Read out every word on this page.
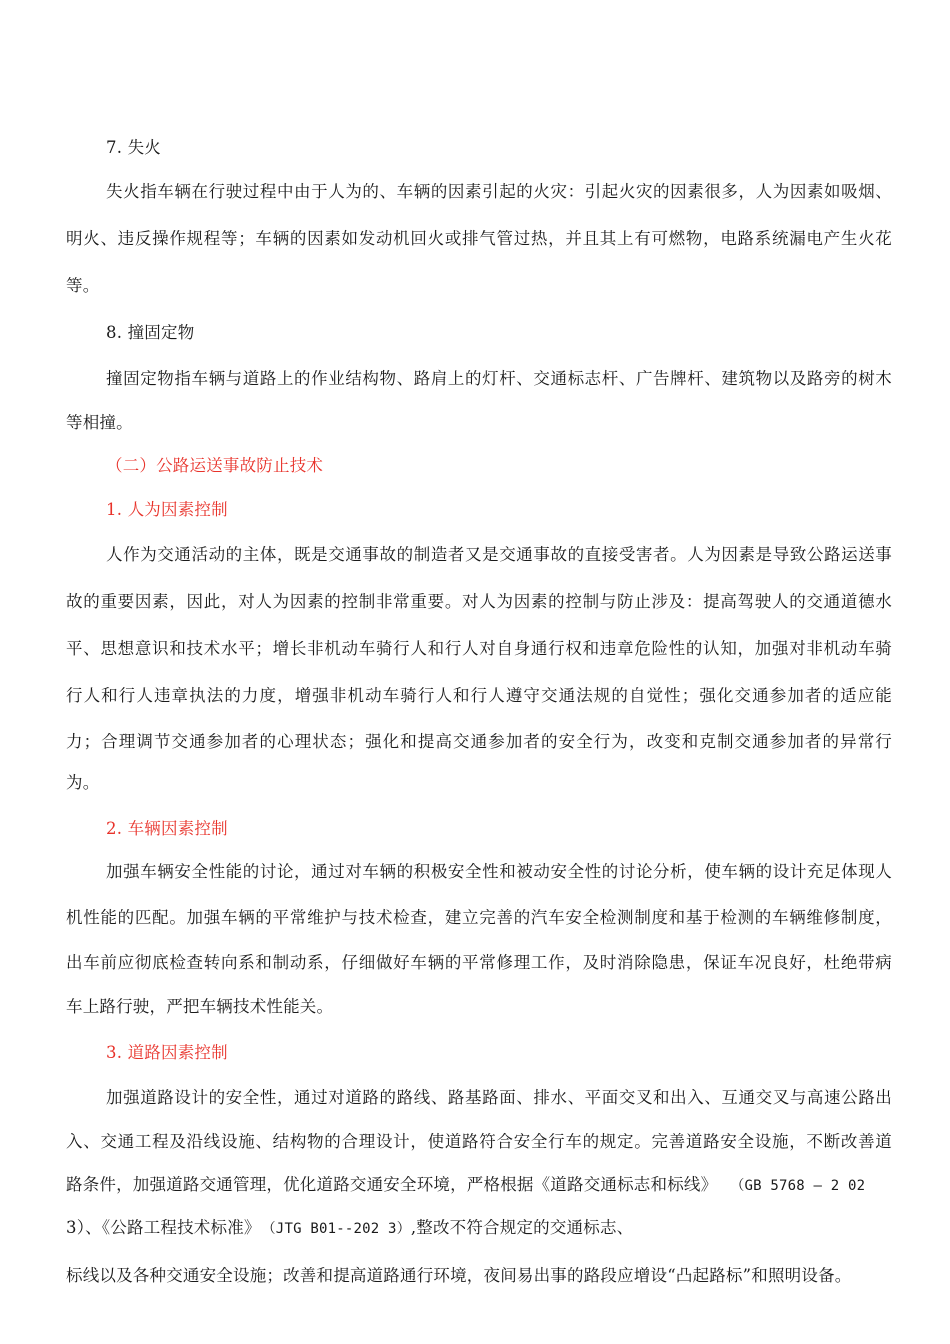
7. 失火
失火指车辆在行驶过程中由于人为的、车辆的因素引起的火灾：引起火灾的因素很多，人为因素如吸烟、
明火、违反操作规程等；车辆的因素如发动机回火或排气管过热，并且其上有可燃物，电路系统漏电产生火花
等。
8. 撞固定物
撞固定物指车辆与道路上的作业结构物、路肩上的灯杆、交通标志杆、广告牌杆、建筑物以及路旁的树木
等相撞。
（二）公路运送事故防止技术
1. 人为因素控制
人作为交通活动的主体，既是交通事故的制造者又是交通事故的直接受害者。人为因素是导致公路运送事
故的重要因素，因此，对人为因素的控制非常重要。对人为因素的控制与防止涉及：提高驾驶人的交通道德水
平、思想意识和技术水平；增长非机动车骑行人和行人对自身通行权和违章危险性的认知，加强对非机动车骑
行人和行人违章执法的力度，增强非机动车骑行人和行人遵守交通法规的自觉性；强化交通参加者的适应能
力；合理调节交通参加者的心理状态；强化和提高交通参加者的安全行为，改变和克制交通参加者的异常行
为。
2. 车辆因素控制
加强车辆安全性能的讨论，通过对车辆的积极安全性和被动安全性的讨论分析，使车辆的设计充足体现人
机性能的匹配。加强车辆的平常维护与技术检查，建立完善的汽车安全检测制度和基于检测的车辆维修制度，
出车前应彻底检查转向系和制动系，仔细做好车辆的平常修理工作，及时消除隐患，保证车况良好，杜绝带病
车上路行驶，严把车辆技术性能关。
3. 道路因素控制
加强道路设计的安全性，通过对道路的路线、路基路面、排水、平面交叉和出入、互通交叉与高速公路出
入、交通工程及沿线设施、结构物的合理设计，使道路符合安全行车的规定。完善道路安全设施，不断改善道
路条件，加强道路交通管理，优化道路交通安全环境，严格根据《道路交通标志和标线》 （GB 5768 — 2 02
3）、《公路工程技术标准》 （JTG B01--202 3）,整改不符合规定的交通标志、
标线以及各种交通安全设施；改善和提高道路通行环境，夜间易出事的路段应增设“凸起路标”和照明设备。
